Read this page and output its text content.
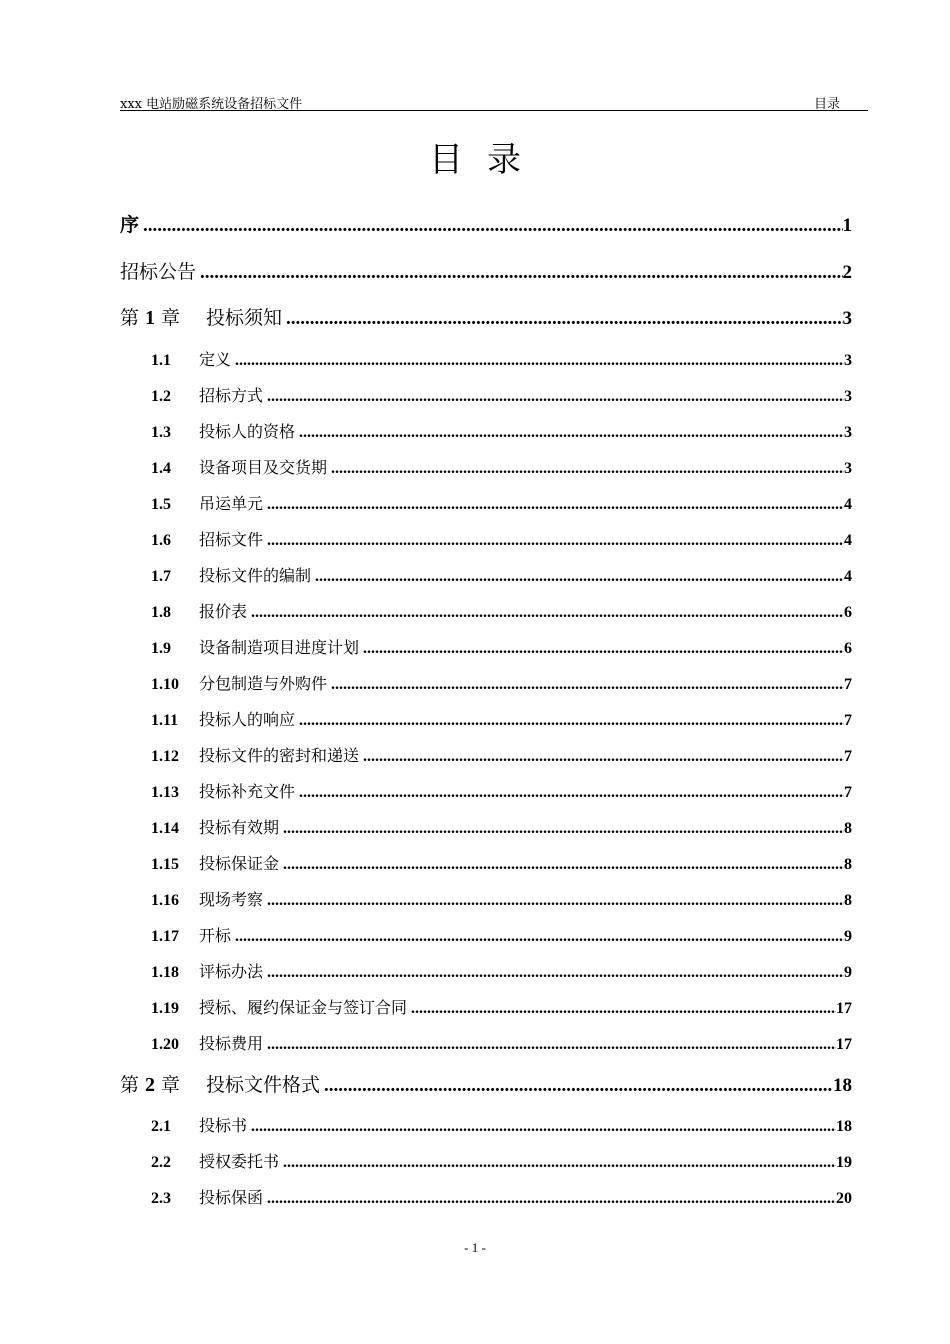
xxx 电站励磁系统设备招标文件	目录
目录
序 .....	1
招标公告 .....	2
第 1 章 投标须知 .....	3
1.1	定义 .....	3
1.2	招标方式 .....	3
1.3	投标人的资格 .....	3
1.4	设备项目及交货期 .....	3
1.5	吊运单元 .....	4
1.6	招标文件 .....	4
1.7	投标文件的编制 .....	4
1.8	报价表 .....	6
1.9	设备制造项目进度计划 .....	6
1.10	分包制造与外购件 .....	7
1.11	投标人的响应 .....	7
1.12	投标文件的密封和递送 .....	7
1.13	投标补充文件 .....	7
1.14	投标有效期 .....	8
1.15	投标保证金 .....	8
1.16	现场考察 .....	8
1.17	开标 .....	9
1.18	评标办法 .....	9
1.19	授标、履约保证金与签订合同 .....	17
1.20	投标费用 .....	17
第 2 章 投标文件格式 .....	18
2.1	投标书 .....	18
2.2	授权委托书 .....	19
2.3	投标保函 .....	20
- 1 -
